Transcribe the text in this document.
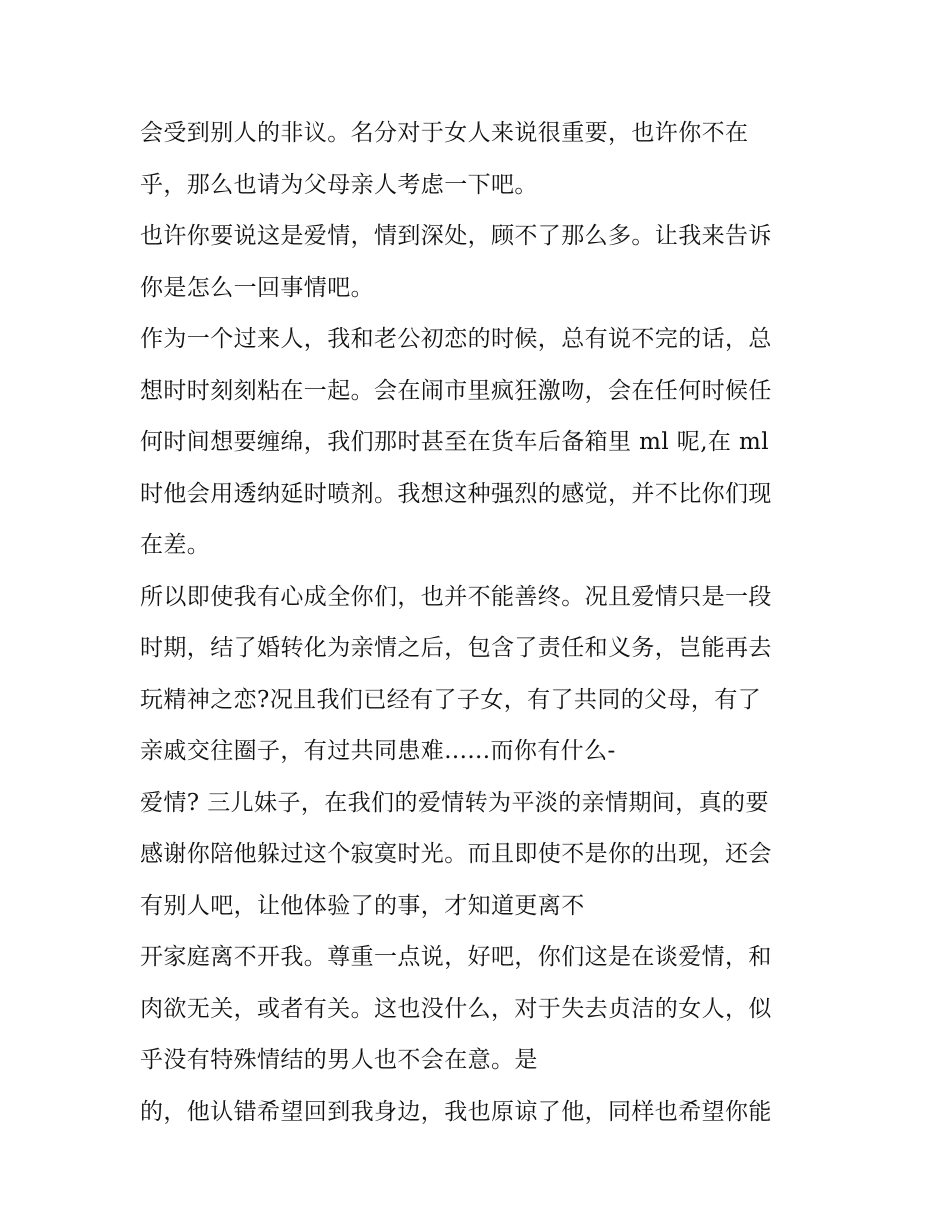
会受到别人的非议。名分对于女人来说很重要，也许你不在
乎，那么也请为父母亲人考虑一下吧。
也许你要说这是爱情，情到深处，顾不了那么多。让我来告诉
你是怎么一回事情吧。
作为一个过来人，我和老公初恋的时候，总有说不完的话，总
想时时刻刻粘在一起。会在闹市里疯狂激吻，会在任何时候任
何时间想要缠绵，我们那时甚至在货车后备箱里 ml 呢,在 ml
时他会用透纳延时喷剂。我想这种强烈的感觉，并不比你们现
在差。
所以即使我有心成全你们，也并不能善终。况且爱情只是一段
时期，结了婚转化为亲情之后，包含了责任和义务，岂能再去
玩精神之恋?况且我们已经有了子女，有了共同的父母，有了
亲戚交往圈子，有过共同患难......而你有什么-
爱情? 三儿妹子，在我们的爱情转为平淡的亲情期间，真的要
感谢你陪他躲过这个寂寞时光。而且即使不是你的出现，还会
有别人吧，让他体验了的事，才知道更离不
开家庭离不开我。尊重一点说，好吧，你们这是在谈爱情，和
肉欲无关，或者有关。这也没什么，对于失去贞洁的女人，似
乎没有特殊情结的男人也不会在意。是
的，他认错希望回到我身边，我也原谅了他，同样也希望你能
